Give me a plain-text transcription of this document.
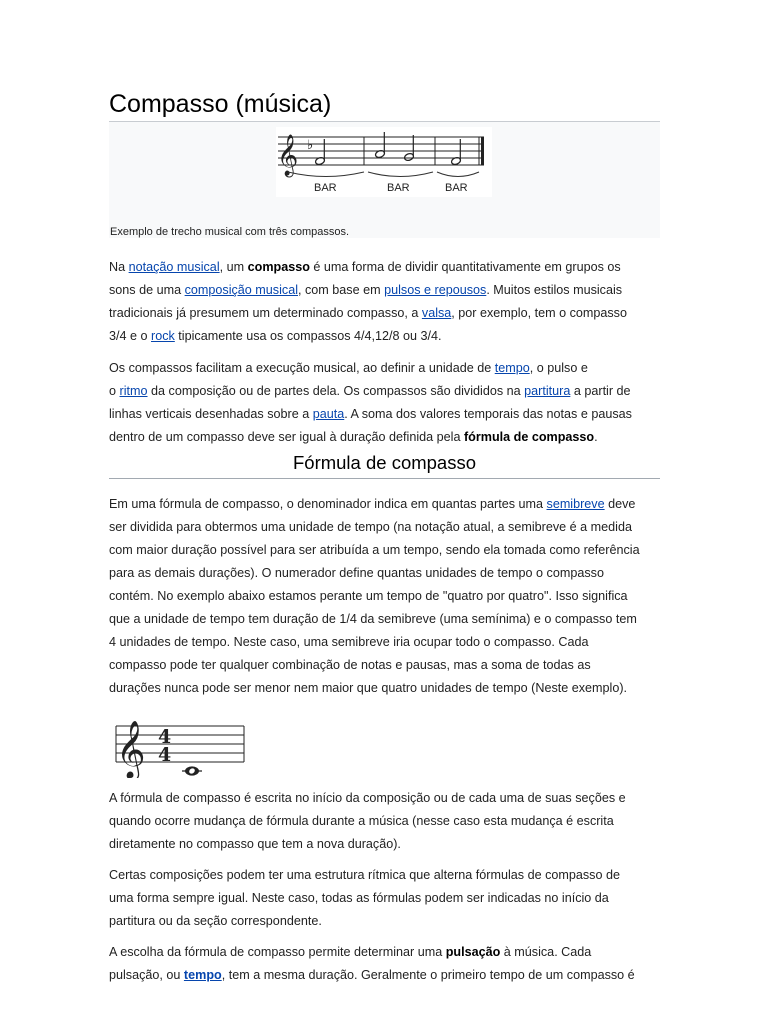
Compasso (música)
𝄞 ♭
BAR	BAR	BAR
Exemplo de trecho musical com três compassos.

Na notação musical, um compasso é uma forma de dividir quantitativamente em grupos os
sons de uma composição musical, com base em pulsos e repousos. Muitos estilos musicais
tradicionais já presumem um determinado compasso, a valsa, por exemplo, tem o compasso
3/4 e o rock tipicamente usa os compassos 4/4,12/8 ou 3/4.

Os compassos facilitam a execução musical, ao definir a unidade de tempo, o pulso e
o ritmo da composição ou de partes dela. Os compassos são divididos na partitura a partir de
linhas verticais desenhadas sobre a pauta. A soma dos valores temporais das notas e pausas
dentro de um compasso deve ser igual à duração definida pela fórmula de compasso.

Fórmula de compasso

Em uma fórmula de compasso, o denominador indica em quantas partes uma semibreve deve
ser dividida para obtermos uma unidade de tempo (na notação atual, a semibreve é a medida
com maior duração possível para ser atribuída a um tempo, sendo ela tomada como referência
para as demais durações). O numerador define quantas unidades de tempo o compasso
contém. No exemplo abaixo estamos perante um tempo de "quatro por quatro". Isso significa
que a unidade de tempo tem duração de 1/4 da semibreve (uma semínima) e o compasso tem
4 unidades de tempo. Neste caso, uma semibreve iria ocupar todo o compasso. Cada
compasso pode ter qualquer combinação de notas e pausas, mas a soma de todas as
durações nunca pode ser menor nem maior que quatro unidades de tempo (Neste exemplo).

𝄞 4
4

A fórmula de compasso é escrita no início da composição ou de cada uma de suas seções e
quando ocorre mudança de fórmula durante a música (nesse caso esta mudança é escrita
diretamente no compasso que tem a nova duração).

Certas composições podem ter uma estrutura rítmica que alterna fórmulas de compasso de
uma forma sempre igual. Neste caso, todas as fórmulas podem ser indicadas no início da
partitura ou da seção correspondente.

A escolha da fórmula de compasso permite determinar uma pulsação à música. Cada
pulsação, ou tempo, tem a mesma duração. Geralmente o primeiro tempo de um compasso é
